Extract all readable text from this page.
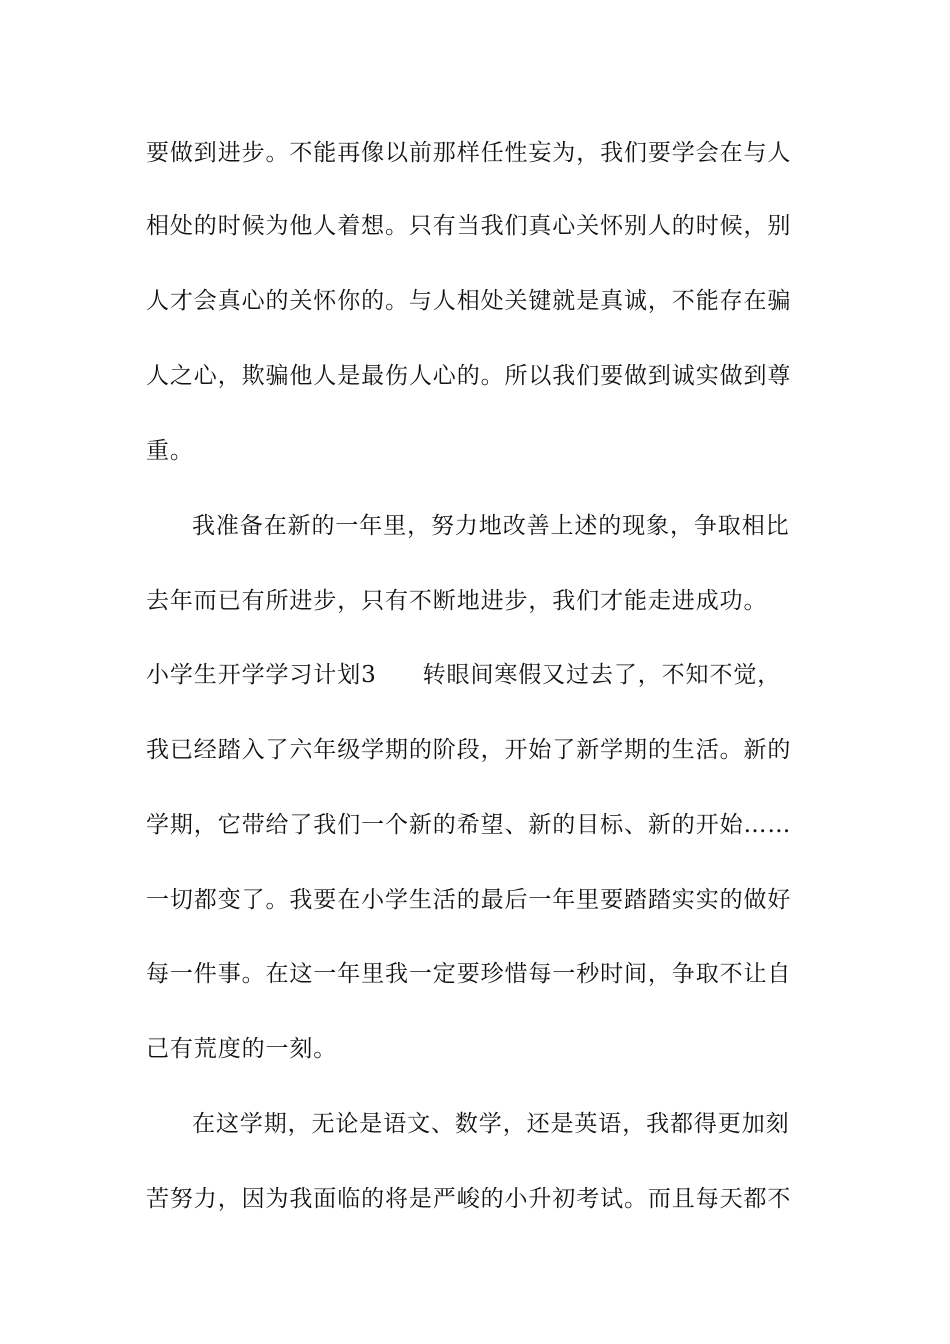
要做到进步。不能再像以前那样任性妄为，我们要学会在与人
相处的时候为他人着想。只有当我们真心关怀别人的时候，别
人才会真心的关怀你的。与人相处关键就是真诚，不能存在骗
人之心，欺骗他人是最伤人心的。所以我们要做到诚实做到尊
重。
我准备在新的一年里，努力地改善上述的现象，争取相比
去年而已有所进步，只有不断地进步，我们才能走进成功。
小学生开学学习计划3 转眼间寒假又过去了，不知不觉，
我已经踏入了六年级学期的阶段，开始了新学期的生活。新的
学期，它带给了我们一个新的希望、新的目标、新的开始……
一切都变了。我要在小学生活的最后一年里要踏踏实实的做好
每一件事。在这一年里我一定要珍惜每一秒时间，争取不让自
己有荒度的一刻。
在这学期，无论是语文、数学，还是英语，我都得更加刻
苦努力，因为我面临的将是严峻的小升初考试。而且每天都不
